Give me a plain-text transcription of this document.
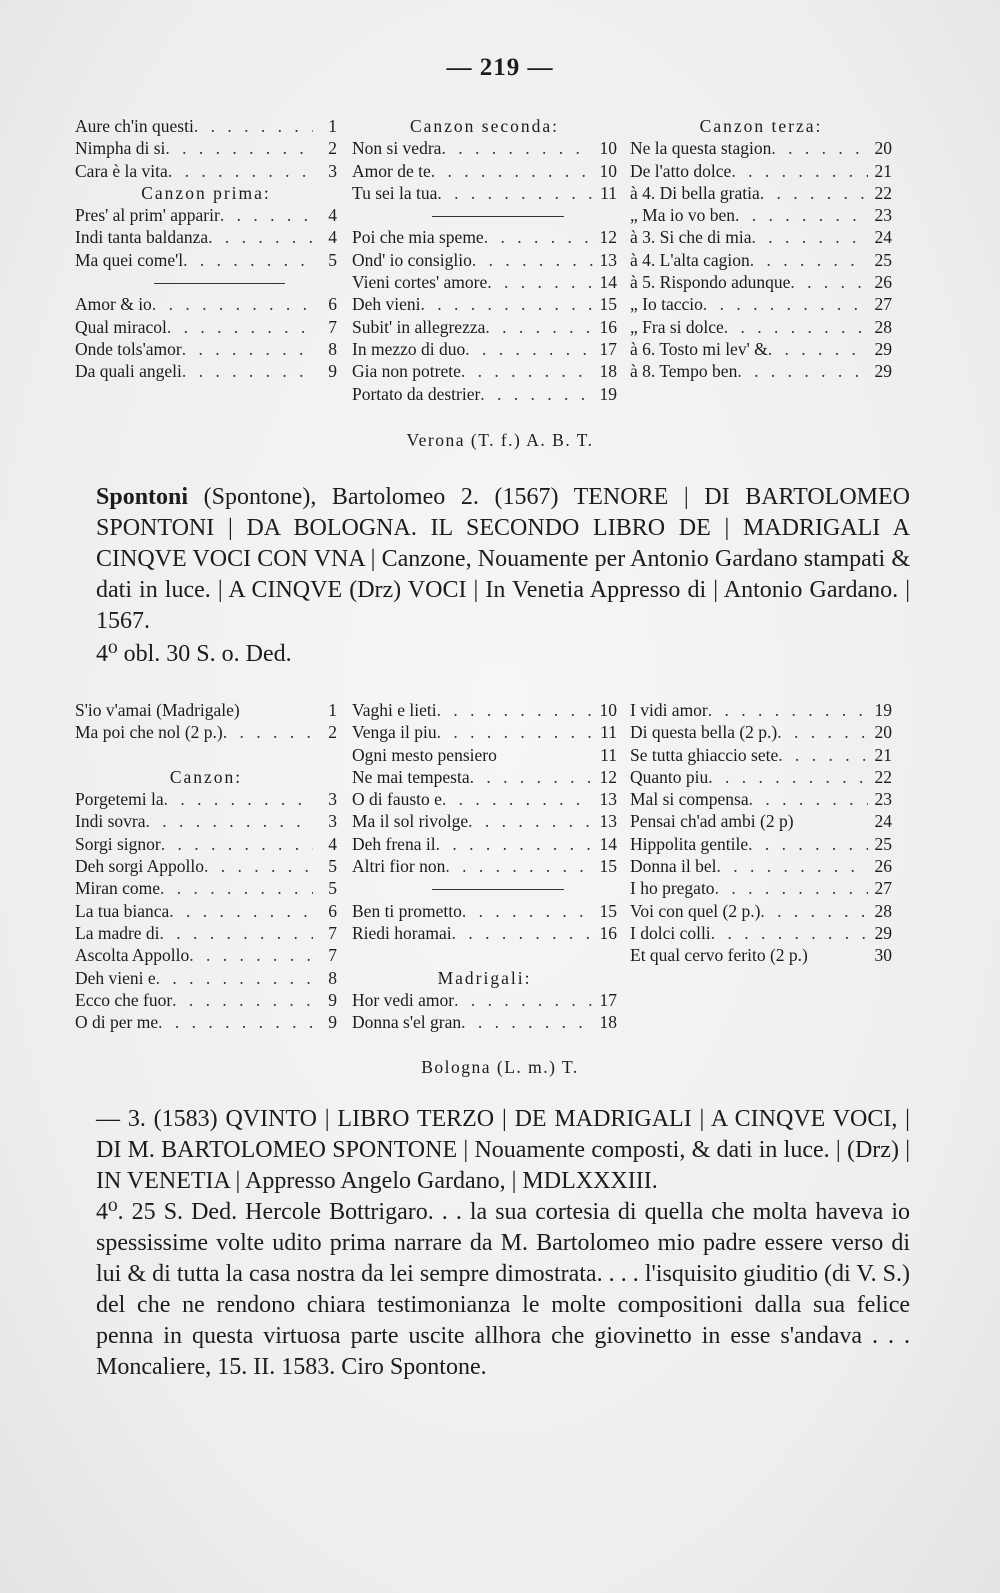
— 219 —
Aure ch'in questi . . .	1
Nimpha di si . . .	2
Cara è la vita . . .	3
Canzon prima:
Pres' al prim' apparir . . .	4
Indi tanta baldanza . . .	4
Ma quei come'l . . .	5
Amor & io . . .	6
Qual miracol . . .	7
Onde tols'amor . . .	8
Da quali angeli . . .	9
Canzon seconda:
Non si vedra . . .	10
Amor de te . . .	10
Tu sei la tua . . .	11
Poi che mia speme . . .	12
Ond' io consiglio . . .	13
Vieni cortes' amore . . .	14
Deh vieni . . .	15
Subit' in allegrezza . . .	16
In mezzo di duo . . .	17
Gia non potrete . . .	18
Portato da destrier . . .	19
Canzon terza:
Ne la questa stagion . . .	20
De l'atto dolce . . .	21
à 4. Di bella gratia . . .	22
„ Ma io vo ben . . .	23
à 3. Si che di mia . . .	24
à 4. L'alta cagion . . .	25
à 5. Rispondo adunque . . .	26
„ Io taccio . . .	27
„ Fra si dolce . . .	28
à 6. Tosto mi lev' & . . .	29
à 8. Tempo ben . . .	29
Verona (T. f.) A. B. T.

Spontoni (Spontone), Bartolomeo 2. (1567) TENORE | DI BARTOLOMEO SPONTONI | DA BOLOGNA. IL SECONDO LIBRO DE | MADRIGALI A CINQVE VOCI CON VNA | Canzone, Nouamente per Antonio Gardano stampati & dati in luce. | A CINQVE (Drz) VOCI | In Venetia Appresso di | Antonio Gardano. | 1567.

4⁰ obl. 30 S. o. Ded.

S'io v'amai (Madrigale)	1
Ma poi che nol (2 p.) . . .	2
Canzon:
Porgetemi la . . .	3
Indi sovra . . .	3
Sorgi signor . . .	4
Deh sorgi Appollo . . .	5
Miran come . . .	5
La tua bianca . . .	6
La madre di . . .	7
Ascolta Appollo . . .	7
Deh vieni e . . .	8
Ecco che fuor . . .	9
O di per me . . .	9
Vaghi e lieti . . .	10
Venga il piu . . .	11
Ogni mesto pensiero	11
Ne mai tempesta . . .	12
O di fausto e . . .	13
Ma il sol rivolge . . .	13
Deh frena il . . .	14
Altri fior non . . .	15
Ben ti prometto . . .	15
Riedi horamai . . .	16
Madrigali:
Hor vedi amor . . .	17
Donna s'el gran . . .	18
I vidi amor . . .	19
Di questa bella (2 p.) . . .	20
Se tutta ghiaccio sete . . .	21
Quanto piu . . .	22
Mal si compensa . . .	23
Pensai ch'ad ambi (2 p)	24
Hippolita gentile . . .	25
Donna il bel . . .	26
I ho pregato . . .	27
Voi con quel (2 p.) . . .	28
I dolci colli . . .	29
Et qual cervo ferito (2 p.)	30
Bologna (L. m.) T.

— 3. (1583) QVINTO | LIBRO TERZO | DE MADRIGALI | A CINQVE VOCI, | DI M. BARTOLOMEO SPONTONE | Nouamente composti, & dati in luce. | (Drz) | IN VENETIA | Appresso Angelo Gardano, | MDLXXXIII.

4⁰. 25 S. Ded. Hercole Bottrigaro. . . la sua cortesia di quella che molta haveva io spessissime volte udito prima narrare da M. Bartolomeo mio padre essere verso di lui & di tutta la casa nostra da lei sempre dimostrata. . . . l'isquisito giuditio (di V. S.) del che ne rendono chiara testimonianza le molte compositioni dalla sua felice penna in questa virtuosa parte uscite allhora che giovinetto in esse s'andava . . . Moncaliere, 15. II. 1583. Ciro Spontone.
